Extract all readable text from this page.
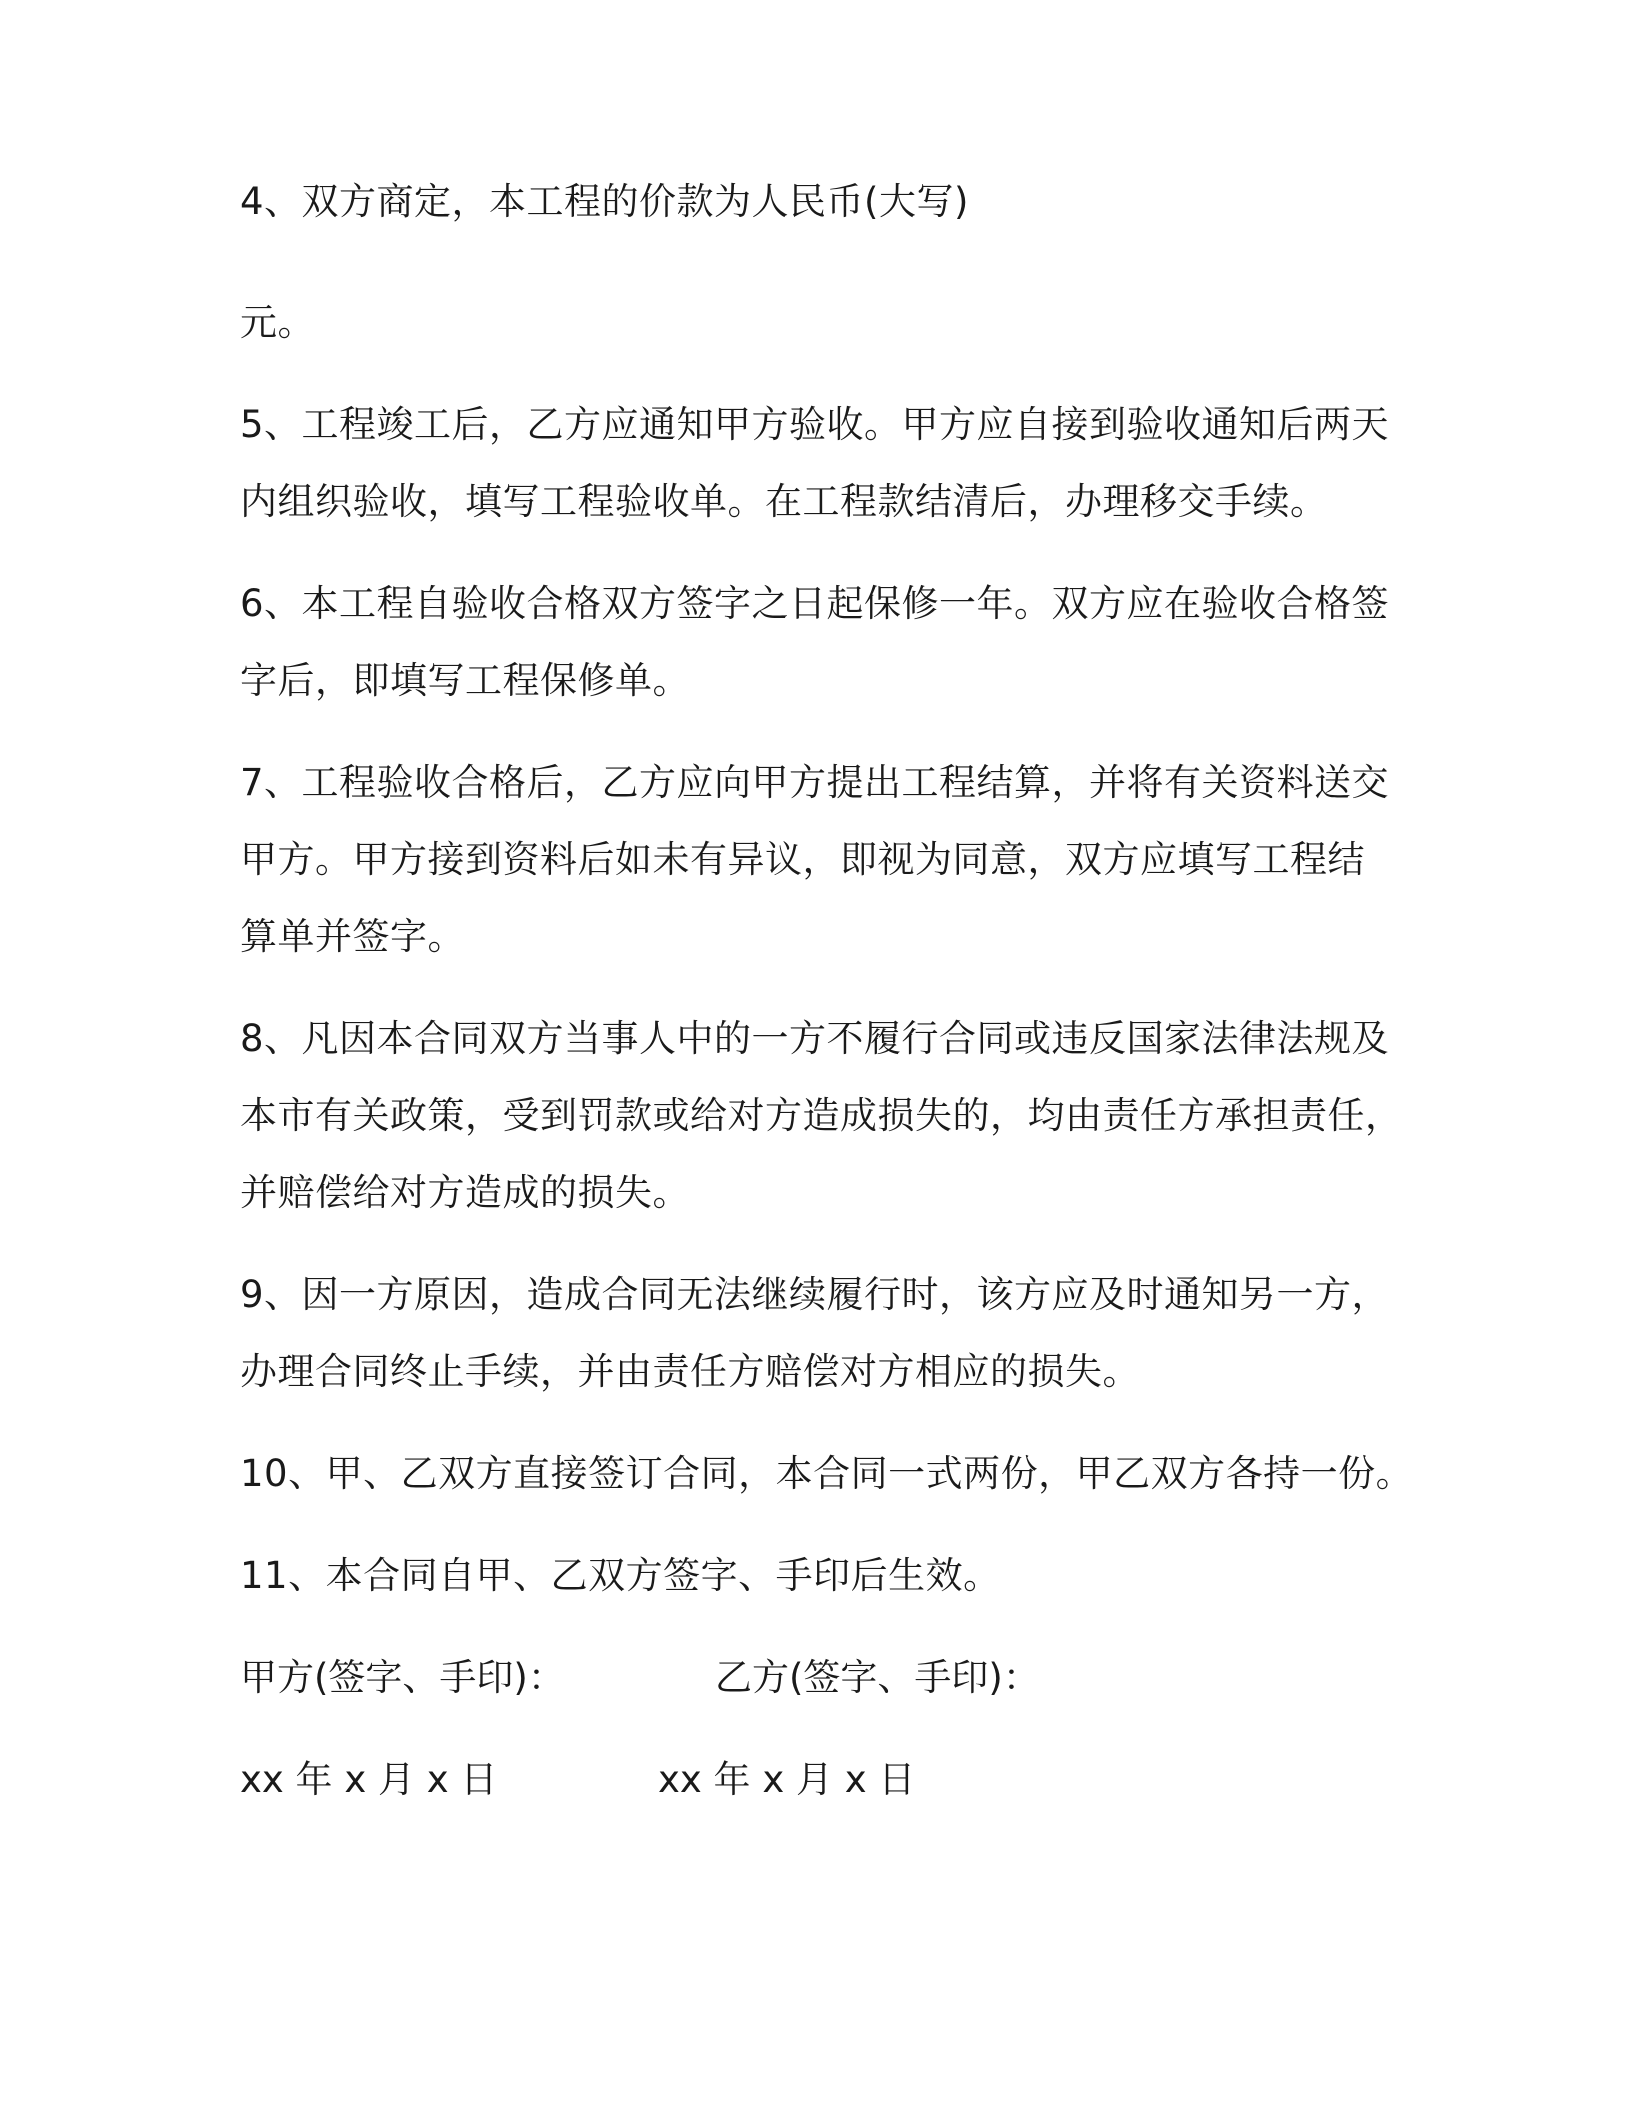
4、双方商定，本工程的价款为人民币(大写)
元。
5、工程竣工后，乙方应通知甲方验收。甲方应自接到验收通知后两天
内组织验收，填写工程验收单。在工程款结清后，办理移交手续。
6、本工程自验收合格双方签字之日起保修一年。双方应在验收合格签
字后，即填写工程保修单。
7、工程验收合格后，乙方应向甲方提出工程结算，并将有关资料送交
甲方。甲方接到资料后如未有异议，即视为同意，双方应填写工程结
算单并签字。
8、凡因本合同双方当事人中的一方不履行合同或违反国家法律法规及
本市有关政策，受到罚款或给对方造成损失的，均由责任方承担责任，
并赔偿给对方造成的损失。
9、因一方原因，造成合同无法继续履行时，该方应及时通知另一方，
办理合同终止手续，并由责任方赔偿对方相应的损失。
10、甲、乙双方直接签订合同，本合同一式两份，甲乙双方各持一份。
11、本合同自甲、乙双方签字、手印后生效。
甲方(签字、手印)：	乙方(签字、手印)：
xx 年 x 月 x 日	xx 年 x 月 x 日
